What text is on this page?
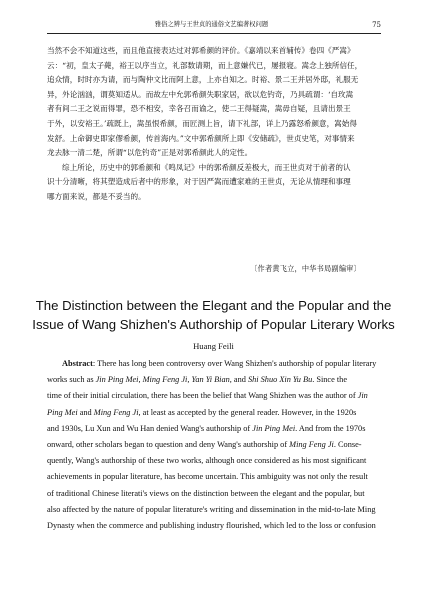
雅俗之辨与王世贞的通俗文艺编著权问题	75
当然不会不知道这些，而且他直接表达过对郭希颜的评价。《嘉靖以来首辅传》卷四《严嵩》
云：“初，皇太子薨，裕王以序当立，礼部数请期，而上意嫌代已，屡报寝。嵩念上独所信任，
追众情，时时亦为请，而与陶仲文比而阿上意，上亦自知之。时裕、景二王并居外邸，礼服无
异，外论汹汹，谓莫知适从。而故左中允郭希颜失职家居，欲以危钓奇，乃具疏谓：‘自玫嵩
者有间二王之说而得罪，恐不相安，幸各召而谕之，使二王得疑嵩，嵩毋自疑，且请出景王
于外，以安裕王。’疏既上，嵩虽恨希颜，而匠测上旨，请下礼部，详上乃露怒希颜意，嵩始得
发舒。上命御史即家僇希颜，传首海内。”文中郭希颜所上即《安储疏》，世贞史笔，对事情来
龙去脉一清二楚，所谓“以危钓奇”正是对郭希颜此人的定性。
综上所论，历史中的郭希颜和《鸣凤记》中的郭希颜反差极大，而王世贞对于前者的认
识十分清晰，将其塑造成后者中的形象，对于因严嵩而遭家难的王世贞，无论从情理和事理
哪方面来说，都是不妥当的。
〔作者黄飞立，中华书局副编审〕
The Distinction between the Elegant and the Popular and the
Issue of Wang Shizhen's Authorship of Popular Literary Works
Huang Feili
Abstract: There has long been controversy over Wang Shizhen's authorship of popular literary
works such as Jin Ping Mei, Ming Feng Ji, Yan Yi Bian, and Shi Shuo Xin Yu Bu. Since the
time of their initial circulation, there has been the belief that Wang Shizhen was the author of Jin
Ping Mei and Ming Feng Ji, at least as accepted by the general reader. However, in the 1920s
and 1930s, Lu Xun and Wu Han denied Wang's authorship of Jin Ping Mei. And from the 1970s
onward, other scholars began to question and deny Wang's authorship of Ming Feng Ji. Conse-
quently, Wang's authorship of these two works, although once considered as his most significant
achievements in popular literature, has become uncertain. This ambiguity was not only the result
of traditional Chinese literati's views on the distinction between the elegant and the popular, but
also affected by the nature of popular literature's writing and dissemination in the mid-to-late Ming
Dynasty when the commerce and publishing industry flourished, which led to the loss or confusion
